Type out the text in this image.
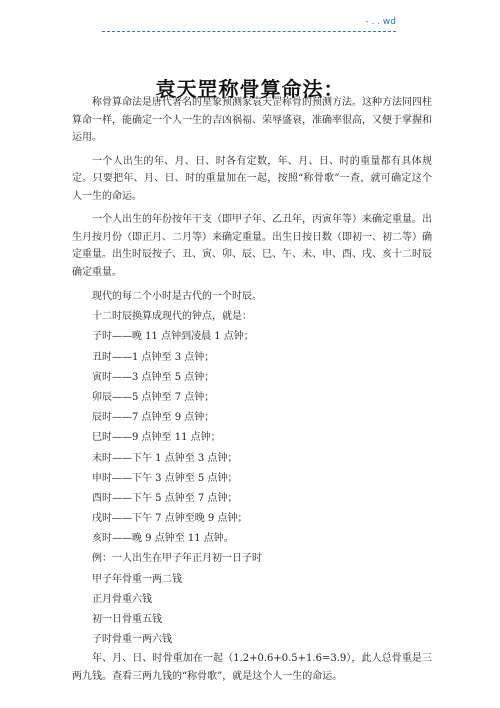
- . . wd
袁天罡称骨算命法：

称骨算命法是唐代著名的星象预测家袁天罡称骨的预测方法。这种方法同四柱算命一样，能确定一个人一生的吉凶祸福、荣辱盛衰，准确率很高，又便于掌握和运用。

一个人出生的年、月、日、时各有定数，年、月、日、时的重量都有具体规定。只要把年、月、日、时的重量加在一起，按照“称骨歌”一查，就可确定这个人一生的命运。

一个人出生的年份按年干支（即甲子年、乙丑年，丙寅年等）来确定重量。出生月按月份（即正月、二月等）来确定重量。出生日按日数（即初一、初二等）确定重量。出生时辰按子、丑、寅、卯、辰、巳、午、未、申、酉、戌、亥十二时辰确定重量。

现代的每二个小时是古代的一个时辰。

十二时辰换算成现代的钟点，就是：

子时——晚 11 点钟到凌晨 1 点钟；

丑时——1 点钟至 3 点钟；

寅时——3 点钟至 5 点钟；

卯辰——5 点钟至 7 点钟；

辰时——7 点钟至 9 点钟；

巳时——9 点钟至 11 点钟；

未时——下午 1 点钟至 3 点钟；

申时——下午 3 点钟至 5 点钟；

酉时——下午 5 点钟至 7 点钟；

戌时——下午 7 点钟至晚 9 点钟；

亥时——晚 9 点钟至 11 点钟。

例：一人出生在甲子年正月初一日子时

甲子年骨重一两二钱

正月骨重六钱

初一日骨重五钱

子时骨重一两六钱

年、月、日、时骨重加在一起（1.2+0.6+0.5+1.6=3.9），此人总骨重是三两九钱。查看三两九钱的“称骨歌”，就是这个人一生的命运。
